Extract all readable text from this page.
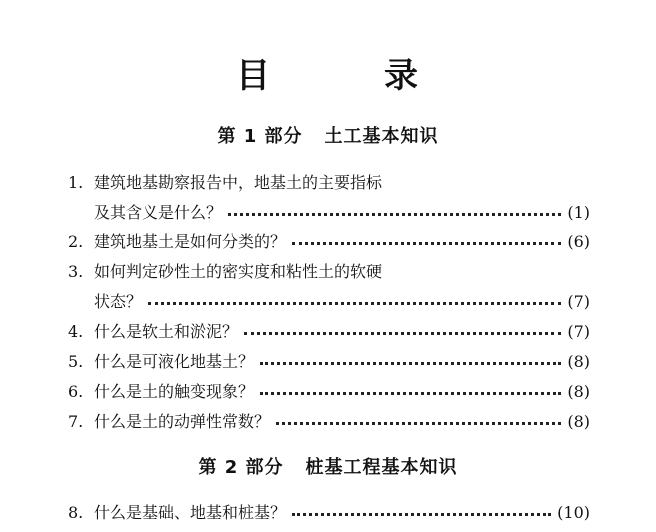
目	录
第 1 部分 土工基本知识
1. 建筑地基勘察报告中，地基土的主要指标
及其含义是什么？	(1)
2. 建筑地基土是如何分类的？	(6)
3. 如何判定砂性土的密实度和粘性土的软硬
状态？	(7)
4. 什么是软土和淤泥？	(7)
5. 什么是可液化地基土？	(8)
6. 什么是土的触变现象？	(8)
7. 什么是土的动弹性常数？	(8)
第 2 部分 桩基工程基本知识
8. 什么是基础、地基和桩基？	(10)
